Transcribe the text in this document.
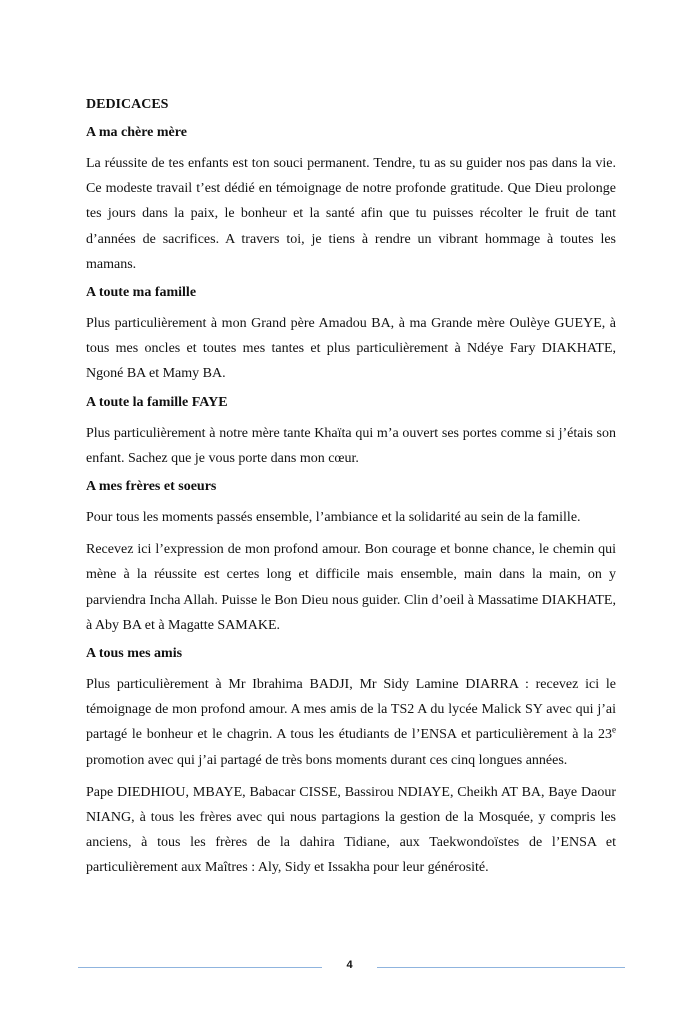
DEDICACES
A ma chère mère

La réussite de tes enfants est ton souci permanent. Tendre, tu as su guider nos pas dans la vie. Ce modeste travail t’est dédié en témoignage de notre profonde gratitude. Que Dieu prolonge tes jours dans la paix, le bonheur et la santé afin que tu puisses récolter le fruit de tant d’années de sacrifices. A travers toi, je tiens à rendre un vibrant hommage à toutes les mamans.

A toute ma famille

Plus particulièrement à mon Grand père Amadou BA, à ma Grande mère Oulèye GUEYE, à tous mes oncles et toutes mes tantes et plus particulièrement à Ndéye Fary DIAKHATE, Ngoné BA et Mamy BA.

A toute la famille FAYE

Plus particulièrement à notre mère tante Khaïta qui m’a ouvert ses portes comme si j’étais son enfant. Sachez que je vous porte dans mon cœur.

A mes frères et soeurs

Pour tous les moments passés ensemble, l’ambiance et la solidarité au sein de la famille.

Recevez ici l’expression de mon profond amour. Bon courage et bonne chance, le chemin qui mène à la réussite est certes long et difficile mais ensemble, main dans la main, on y parviendra Incha Allah. Puisse le Bon Dieu nous guider. Clin d’oeil à Massatime DIAKHATE, à Aby BA et à Magatte SAMAKE.

A tous mes amis

Plus particulièrement à Mr Ibrahima BADJI, Mr Sidy Lamine DIARRA : recevez ici le témoignage de mon profond amour. A mes amis de la TS2 A du lycée Malick SY avec qui j’ai partagé le bonheur et le chagrin. A tous les étudiants de l’ENSA et particulièrement à la 23e promotion avec qui j’ai partagé de très bons moments durant ces cinq longues années.

Pape DIEDHIOU, MBAYE, Babacar CISSE, Bassirou NDIAYE, Cheikh AT BA, Baye Daour NIANG, à tous les frères avec qui nous partagions la gestion de la Mosquée, y compris les anciens, à tous les frères de la dahira Tidiane, aux Taekwondoïstes de l’ENSA et particulièrement aux Maîtres : Aly, Sidy et Issakha pour leur générosité.

4
